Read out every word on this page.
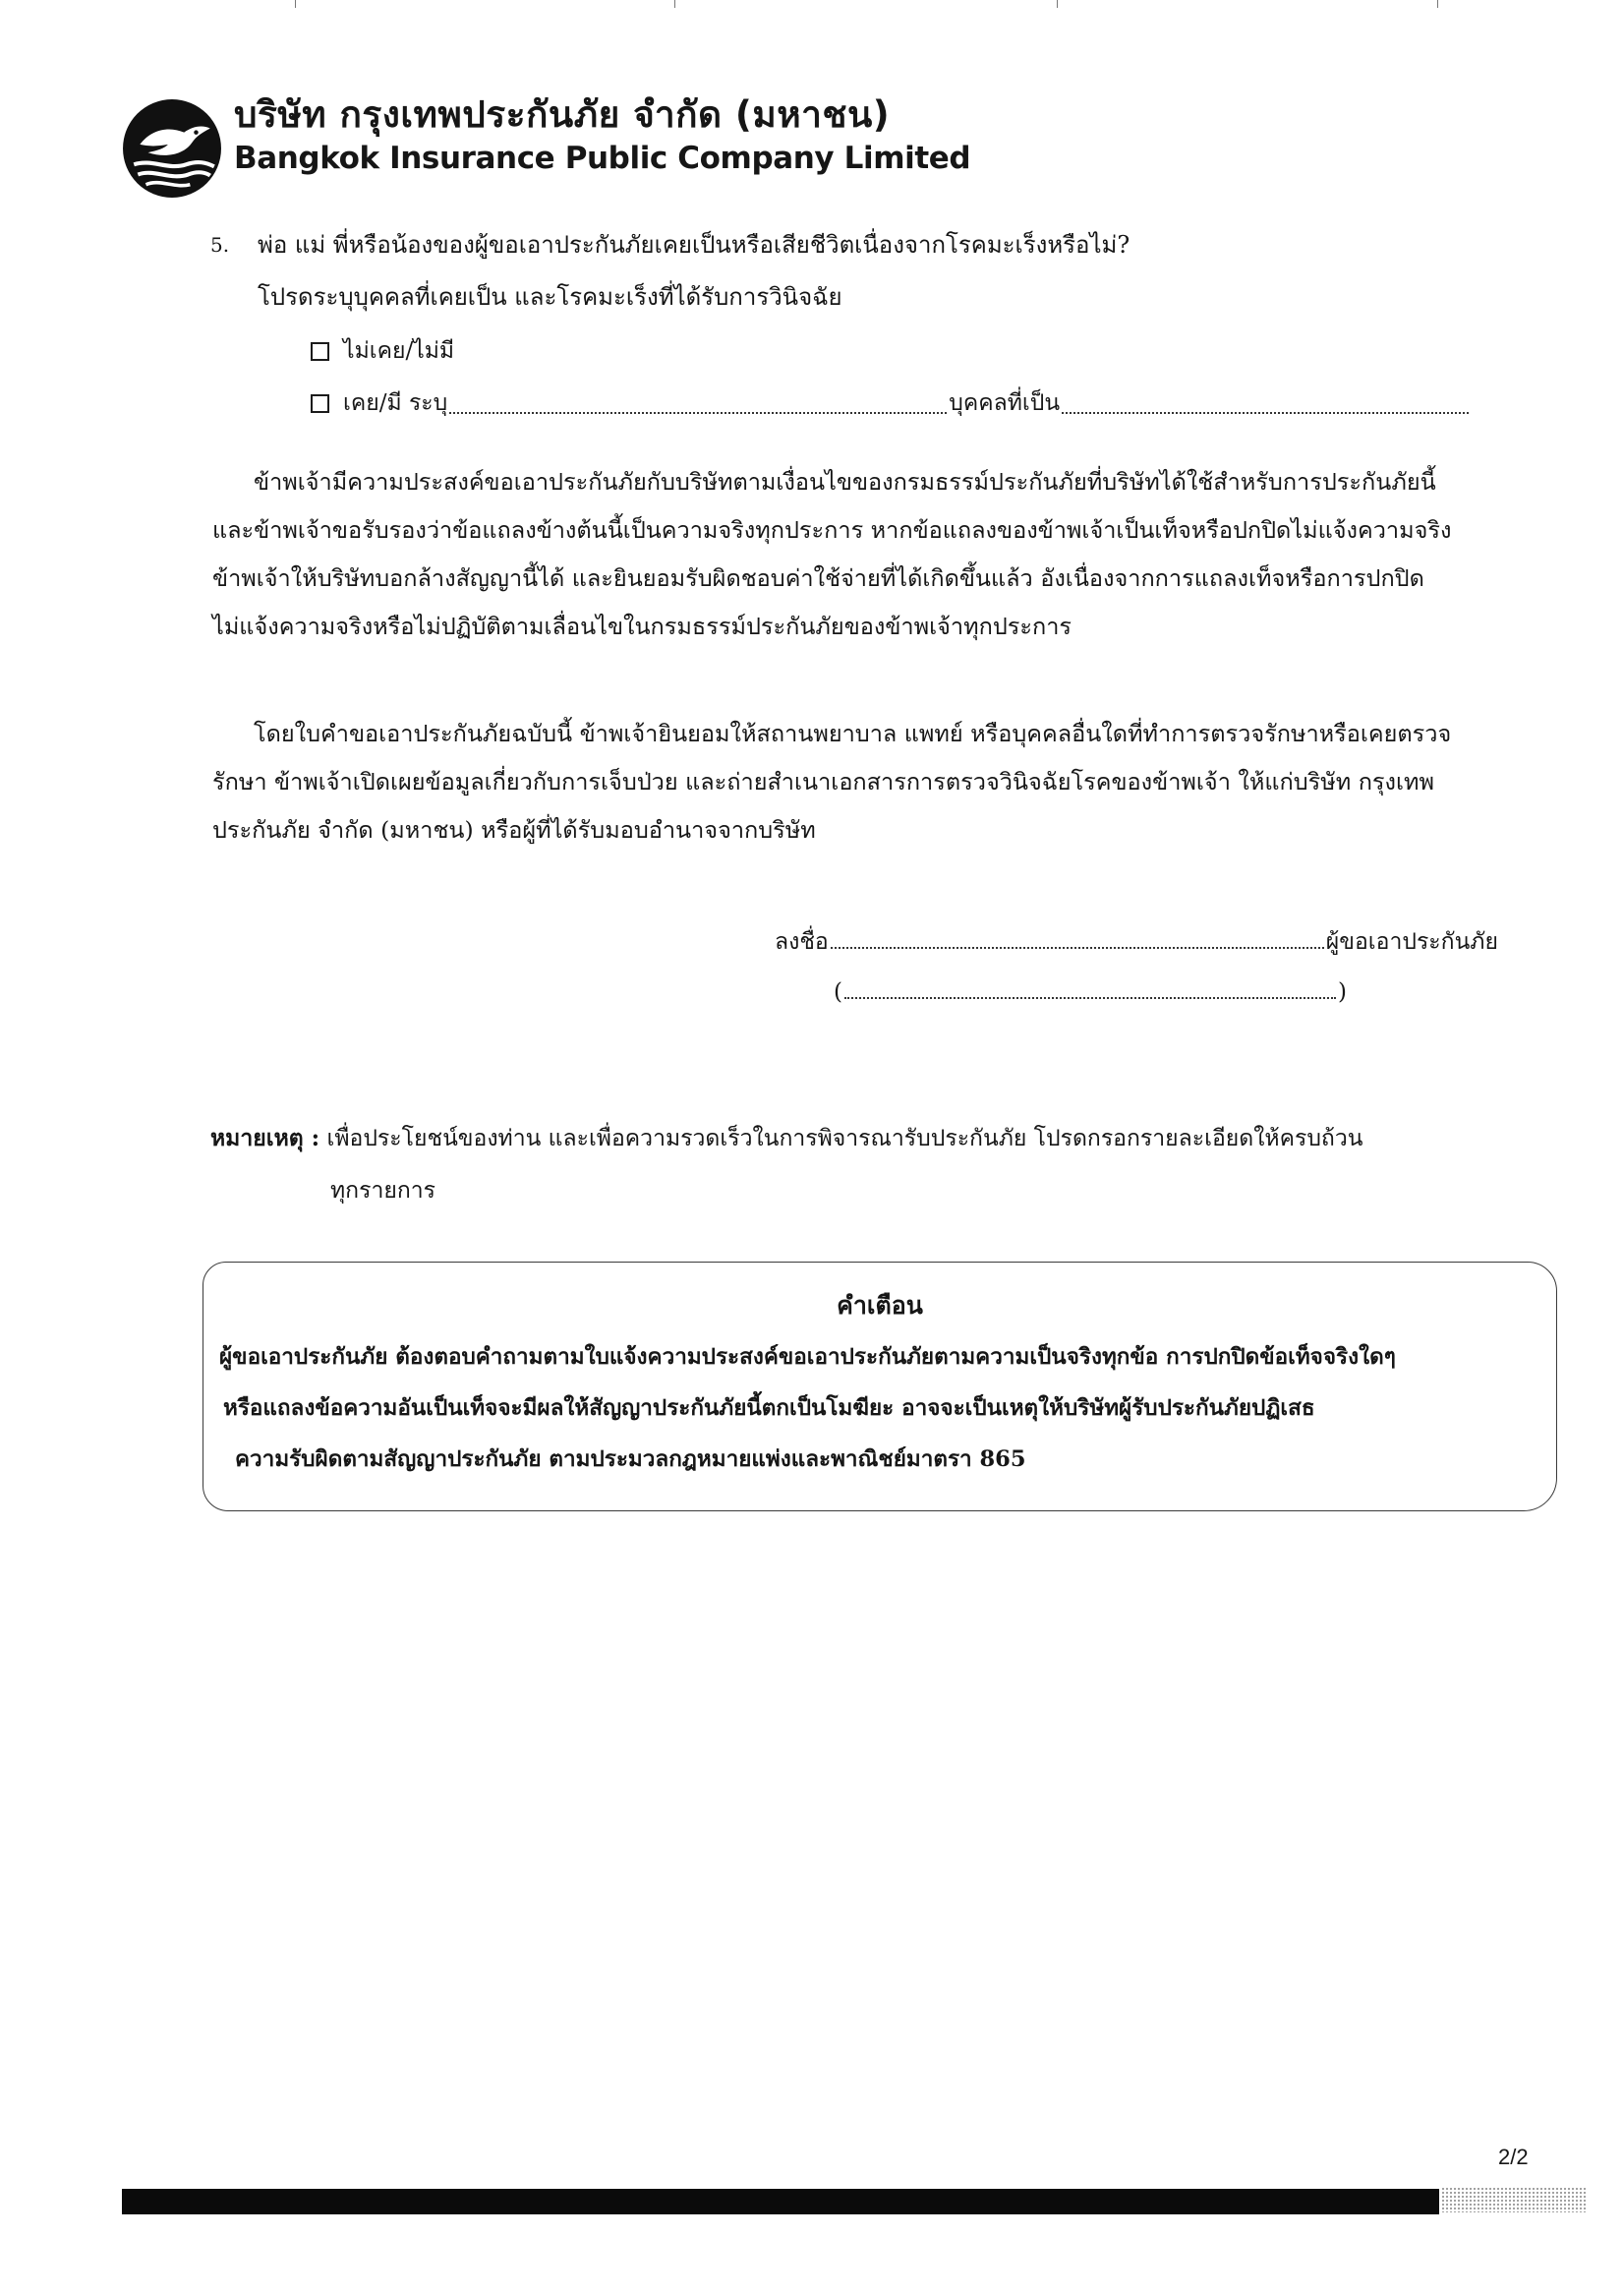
บริษัท กรุงเทพประกันภัย จำกัด (มหาชน)
Bangkok Insurance Public Company Limited
5. พ่อ แม่ พี่หรือน้องของผู้ขอเอาประกันภัยเคยเป็นหรือเสียชีวิตเนื่องจากโรคมะเร็งหรือไม่?
โปรดระบุบุคคลที่เคยเป็น และโรคมะเร็งที่ได้รับการวินิจฉัย
ไม่เคย/ไม่มี
เคย/มี ระบุ	บุคคลที่เป็น

ข้าพเจ้ามีความประสงค์ขอเอาประกันภัยกับบริษัทตามเงื่อนไขของกรมธรรม์ประกันภัยที่บริษัทได้ใช้สำหรับการประกันภัยนี้

และข้าพเจ้าขอรับรองว่าข้อแถลงข้างต้นนี้เป็นความจริงทุกประการ หากข้อแถลงของข้าพเจ้าเป็นเท็จหรือปกปิดไม่แจ้งความจริง

ข้าพเจ้าให้บริษัทบอกล้างสัญญานี้ได้ และยินยอมรับผิดชอบค่าใช้จ่ายที่ได้เกิดขึ้นแล้ว อังเนื่องจากการแถลงเท็จหรือการปกปิด

ไม่แจ้งความจริงหรือไม่ปฏิบัติตามเลื่อนไขในกรมธรรม์ประกันภัยของข้าพเจ้าทุกประการ

โดยใบคำขอเอาประกันภัยฉบับนี้ ข้าพเจ้ายินยอมให้สถานพยาบาล แพทย์ หรือบุคคลอื่นใดที่ทำการตรวจรักษาหรือเคยตรวจ

รักษา ข้าพเจ้าเปิดเผยข้อมูลเกี่ยวกับการเจ็บป่วย และถ่ายสำเนาเอกสารการตรวจวินิจฉัยโรคของข้าพเจ้า ให้แก่บริษัท กรุงเทพ

ประกันภัย จำกัด (มหาชน) หรือผู้ที่ได้รับมอบอำนาจจากบริษัท

ลงชื่อ	ผู้ขอเอาประกันภัย
(	)
หมายเหตุ : เพื่อประโยชน์ของท่าน และเพื่อความรวดเร็วในการพิจารณารับประกันภัย โปรดกรอกรายละเอียดให้ครบถ้วน
ทุกรายการ
คำเตือน

ผู้ขอเอาประกันภัย ต้องตอบคำถามตามใบแจ้งความประสงค์ขอเอาประกันภัยตามความเป็นจริงทุกข้อ การปกปิดข้อเท็จจริงใดๆ

หรือแถลงข้อความอันเป็นเท็จจะมีผลให้สัญญาประกันภัยนี้ตกเป็นโมฆียะ อาจจะเป็นเหตุให้บริษัทผู้รับประกันภัยปฏิเสธ

ความรับผิดตามสัญญาประกันภัย ตามประมวลกฎหมายแพ่งและพาณิชย์มาตรา 865

2/2
